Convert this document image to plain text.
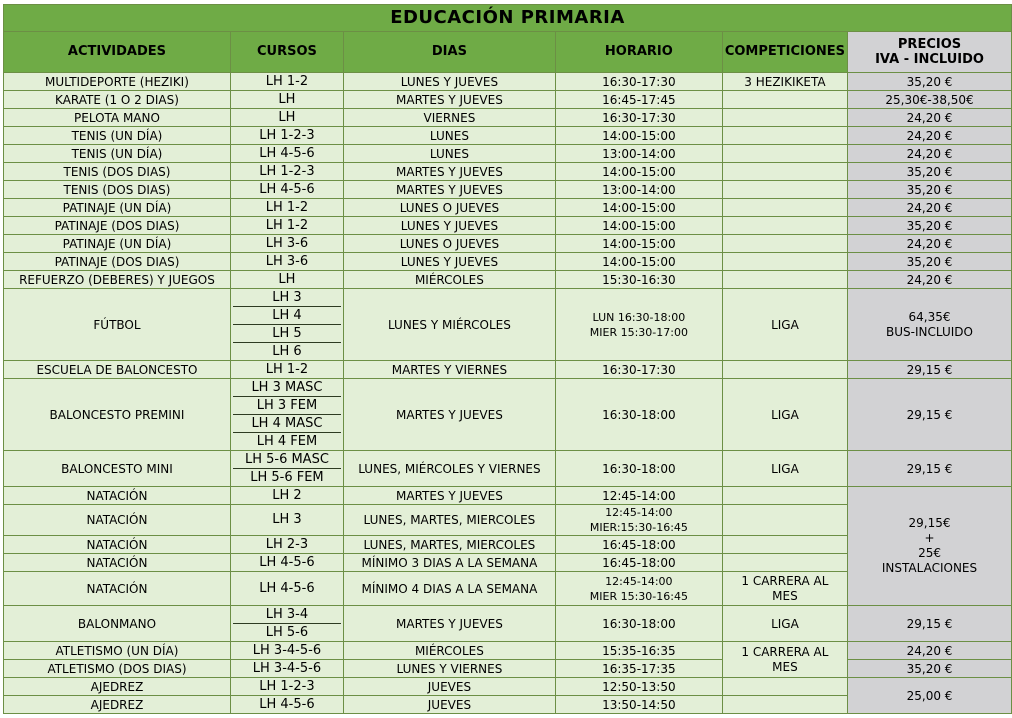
EDUCACIÓN PRIMARIA					
ACTIVIDADES	CURSOS	DIAS	HORARIO	COMPETICIONES	PRECIOS
IVA - INCLUIDO

MULTIDEPORTE (HEZIKI)	LH 1-2	LUNES Y JUEVES	16:30-17:30	3 HEZIKIKETA	35,20 €
KARATE (1 O 2 DIAS)	LH	MARTES Y JUEVES	16:45-17:45		25,30€-38,50€
PELOTA MANO	LH	VIERNES	16:30-17:30		24,20 €
TENIS (UN DÍA)	LH 1-2-3	LUNES	14:00-15:00		24,20 €
TENIS (UN DÍA)	LH 4-5-6	LUNES	13:00-14:00		24,20 €
TENIS (DOS DIAS)	LH 1-2-3	MARTES Y JUEVES	14:00-15:00		35,20 €
TENIS (DOS DIAS)	LH 4-5-6	MARTES Y JUEVES	13:00-14:00		35,20 €
PATINAJE (UN DÍA)	LH 1-2	LUNES O JUEVES	14:00-15:00		24,20 €
PATINAJE (DOS DIAS)	LH 1-2	LUNES Y JUEVES	14:00-15:00		35,20 €
PATINAJE (UN DÍA)	LH 3-6	LUNES O JUEVES	14:00-15:00		24,20 €
PATINAJE (DOS DIAS)	LH 3-6	LUNES Y JUEVES	14:00-15:00		35,20 €
REFUERZO (DEBERES) Y JUEGOS	LH	MIÉRCOLES	15:30-16:30		24,20 €
FÚTBOL	LH 3
LH 4
LH 5
LH 6	LUNES Y MIÉRCOLES	LUN 16:30-18:00
MIER 15:30-17:00	LIGA	64,35€
BUS-INCLUIDO

ESCUELA DE BALONCESTO	LH 1-2	MARTES Y VIERNES	16:30-17:30		29,15 €
BALONCESTO PREMINI	LH 3 MASC
LH 3 FEM
LH 4 MASC
LH 4 FEM	MARTES Y JUEVES	16:30-18:00	LIGA	29,15 €
BALONCESTO MINI	LH 5-6 MASC
LH 5-6 FEM	LUNES, MIÉRCOLES Y VIERNES	16:30-18:00	LIGA	29,15 €
NATACIÓN	LH 2	MARTES Y JUEVES	12:45-14:00		29,15€
+
25€
INSTALACIONES

NATACIÓN	LH 3	LUNES, MARTES, MIERCOLES	12:45-14:00
MIER:15:30-16:45		

NATACIÓN	LH 2-3	LUNES, MARTES, MIERCOLES	16:45-18:00		
NATACIÓN	LH 4-5-6	MÍNIMO 3 DIAS A LA SEMANA	16:45-18:00		
NATACIÓN	LH 4-5-6	MÍNIMO 4 DIAS A LA SEMANA	12:45-14:00
MIER 15:30-16:45	1 CARRERA AL
MES	

BALONMANO	LH 3-4
LH 5-6	MARTES Y JUEVES	16:30-18:00	LIGA	29,15 €
ATLETISMO (UN DÍA)	LH 3-4-5-6	MIÉRCOLES	15:35-16:35	1 CARRERA AL
MES	24,20 €
ATLETISMO (DOS DIAS)	LH 3-4-5-6	LUNES Y VIERNES	16:35-17:35		35,20 €
AJEDREZ	LH 1-2-3	JUEVES	12:50-13:50		25,00 €
AJEDREZ	LH 4-5-6	JUEVES	13:50-14:50		
